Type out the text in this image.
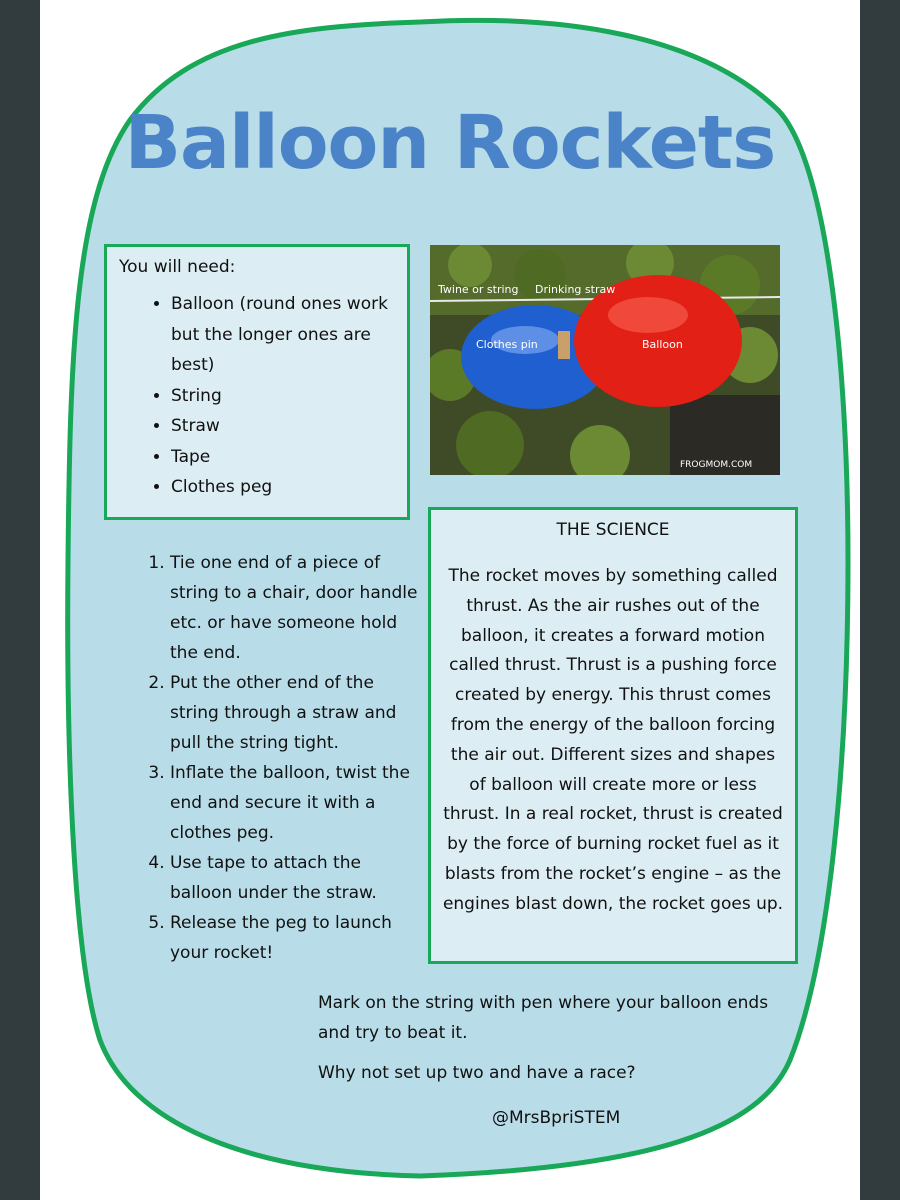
Balloon Rockets
You will need:
• Balloon (round ones work but the longer ones are best)
• String
• Straw
• Tape
• Clothes peg
Twine or string Drinking straw
Clothes pin	Balloon
FROGMOM.COM
1. Tie one end of a piece of string to a chair, door handle etc. or have someone hold the end.
2. Put the other end of the string through a straw and pull the string tight.
3. Inflate the balloon, twist the end and secure it with a clothes peg.
4. Use tape to attach the balloon under the straw.
5. Release the peg to launch your rocket!
THE SCIENCE

The rocket moves by something called thrust. As the air rushes out of the balloon, it creates a forward motion called thrust. Thrust is a pushing force created by energy. This thrust comes from the energy of the balloon forcing the air out. Different sizes and shapes of balloon will create more or less thrust. In a real rocket, thrust is created by the force of burning rocket fuel as it blasts from the rocket’s engine – as the engines blast down, the rocket goes up.

Mark on the string with pen where your balloon ends and try to beat it.

Why not set up two and have a race?

@MrsBpriSTEM
